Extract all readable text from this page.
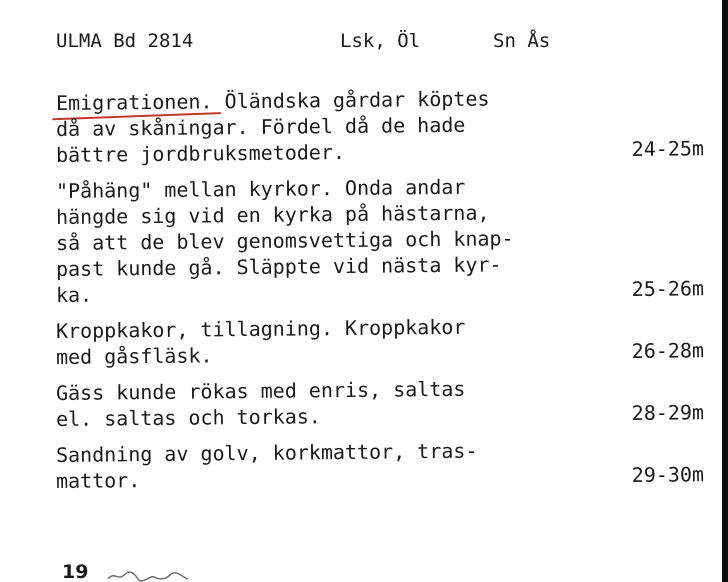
ULMA Bd 2814	Lsk, Öl	Sn Ås
Emigrationen. Öländska gårdar köptes
då av skåningar. Fördel då de hade
bättre jordbruksmetoder.	24-25m
"Påhäng" mellan kyrkor. Onda andar
hängde sig vid en kyrka på hästarna,
så att de blev genomsvettiga och knap-
past kunde gå. Släppte vid nästa kyr-
ka.	25-26m
Kroppkakor, tillagning. Kroppkakor
med gåsfläsk.	26-28m
Gäss kunde rökas med enris, saltas
el. saltas och torkas.	28-29m
Sandning av golv, korkmattor, tras-
mattor.	29-30m
19
